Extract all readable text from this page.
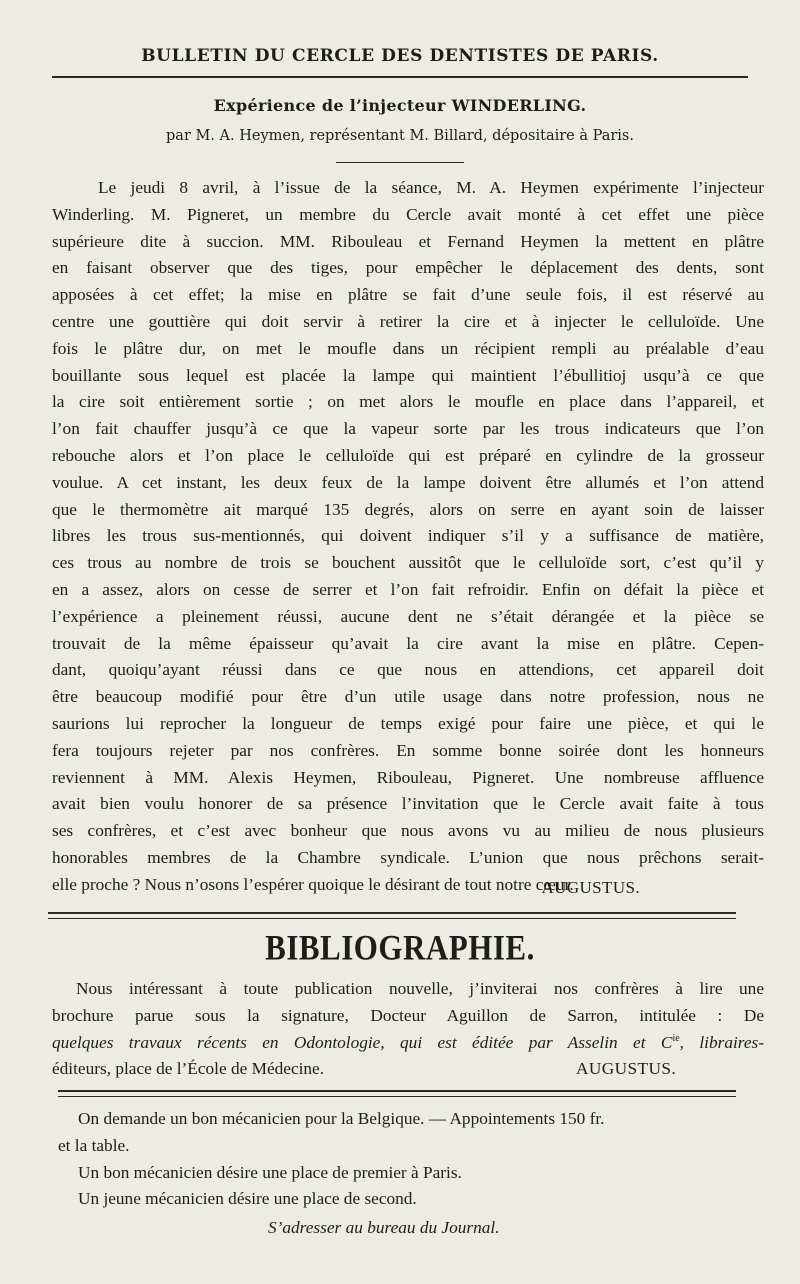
BULLETIN DU CERCLE DES DENTISTES DE PARIS.
Expérience de l’injecteur WINDERLING.
par M. A. Heymen, représentant M. Billard, dépositaire à Paris.
Le jeudi 8 avril, à l’issue de la séance, M. A. Heymen expérimente l’injecteur
Winderling. M. Pigneret, un membre du Cercle avait monté à cet effet une pièce
supérieure dite à succion. MM. Ribouleau et Fernand Heymen la mettent en plâtre
en faisant observer que des tiges, pour empêcher le déplacement des dents, sont
apposées à cet effet; la mise en plâtre se fait d’une seule fois, il est réservé au
centre une gouttière qui doit servir à retirer la cire et à injecter le celluloïde. Une
fois le plâtre dur, on met le moufle dans un récipient rempli au préalable d’eau
bouillante sous lequel est placée la lampe qui maintient l’ébullitioj usqu’à ce que
la cire soit entièrement sortie ; on met alors le moufle en place dans l’appareil, et
l’on fait chauffer jusqu’à ce que la vapeur sorte par les trous indicateurs que l’on
rebouche alors et l’on place le celluloïde qui est préparé en cylindre de la grosseur
voulue. A cet instant, les deux feux de la lampe doivent être allumés et l’on attend
que le thermomètre ait marqué 135 degrés, alors on serre en ayant soin de laisser
libres les trous sus-mentionnés, qui doivent indiquer s’il y a suffisance de matière,
ces trous au nombre de trois se bouchent aussitôt que le celluloïde sort, c’est qu’il y
en a assez, alors on cesse de serrer et l’on fait refroidir. Enfin on défait la pièce et
l’expérience a pleinement réussi, aucune dent ne s’était dérangée et la pièce se
trouvait de la même épaisseur qu’avait la cire avant la mise en plâtre. Cepen-
dant, quoiqu’ayant réussi dans ce que nous en attendions, cet appareil doit
être beaucoup modifié pour être d’un utile usage dans notre profession, nous ne
saurions lui reprocher la longueur de temps exigé pour faire une pièce, et qui le
fera toujours rejeter par nos confrères. En somme bonne soirée dont les honneurs
reviennent à MM. Alexis Heymen, Ribouleau, Pigneret. Une nombreuse affluence
avait bien voulu honorer de sa présence l’invitation que le Cercle avait faite à tous
ses confrères, et c’est avec bonheur que nous avons vu au milieu de nous plusieurs
honorables membres de la Chambre syndicale. L’union que nous prêchons serait-
elle proche ? Nous n’osons l’espérer quoique le désirant de tout notre cœur.
AUGUSTUS.
BIBLIOGRAPHIE.
Nous intéressant à toute publication nouvelle, j’inviterai nos confrères à lire une
brochure parue sous la signature, Docteur Aguillon de Sarron, intitulée : De
quelques travaux récents en Odontologie, qui est éditée par Asselin et $C^{ie}$, libraires-
éditeurs, place de l’École de Médecine.	AUGUSTUS.
On demande un bon mécanicien pour la Belgique. — Appointements 150 fr.
et la table.
Un bon mécanicien désire une place de premier à Paris.
Un jeune mécanicien désire une place de second.
S’adresser au bureau du Journal.
